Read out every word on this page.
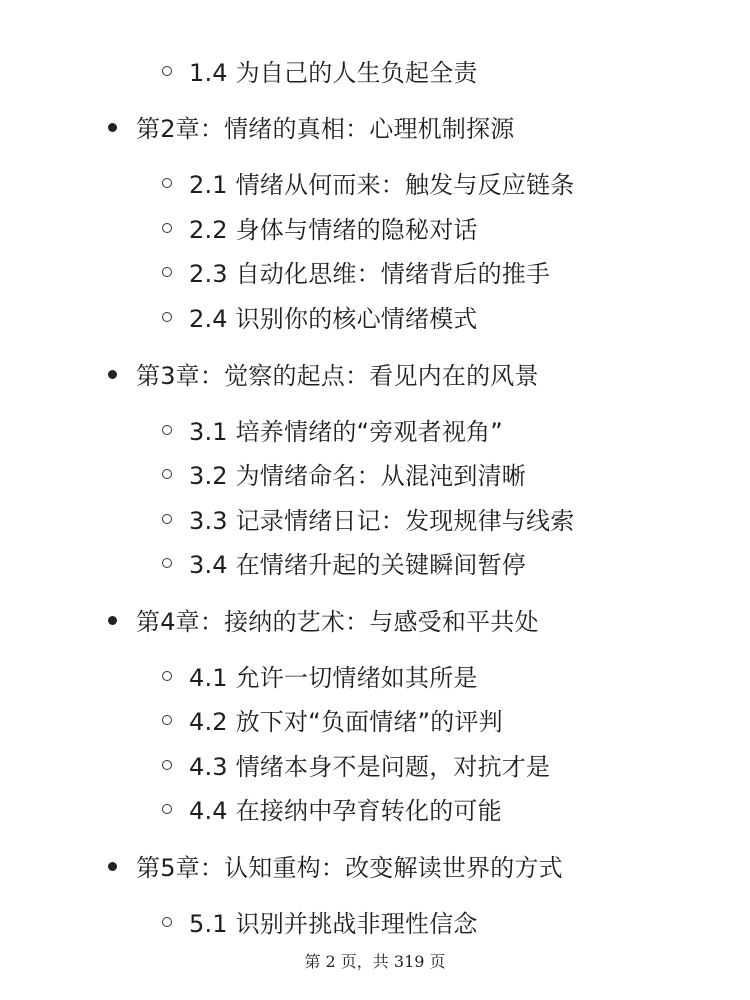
1.4 为自己的人生负起全责
第2章：情绪的真相：心理机制探源
2.1 情绪从何而来：触发与反应链条
2.2 身体与情绪的隐秘对话
2.3 自动化思维：情绪背后的推手
2.4 识别你的核心情绪模式
第3章：觉察的起点：看见内在的风景
3.1 培养情绪的“旁观者视角”
3.2 为情绪命名：从混沌到清晰
3.3 记录情绪日记：发现规律与线索
3.4 在情绪升起的关键瞬间暂停
第4章：接纳的艺术：与感受和平共处
4.1 允许一切情绪如其所是
4.2 放下对“负面情绪”的评判
4.3 情绪本身不是问题，对抗才是
4.4 在接纳中孕育转化的可能
第5章：认知重构：改变解读世界的方式
5.1 识别并挑战非理性信念
第 2 页，共 319 页
